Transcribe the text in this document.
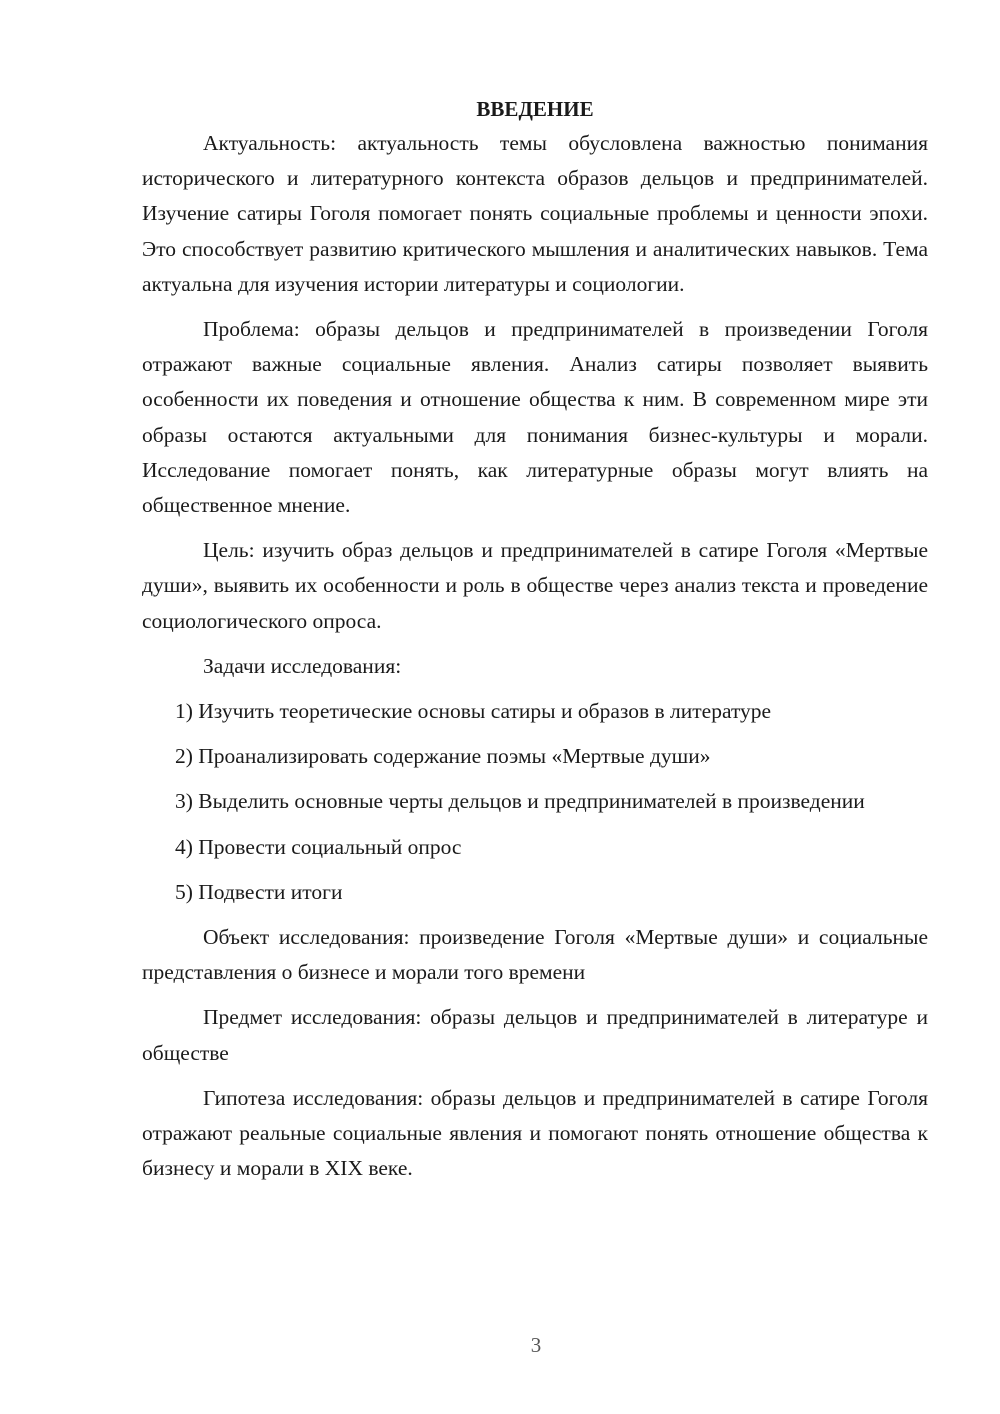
ВВЕДЕНИЕ

Актуальность: актуальность темы обусловлена важностью понимания исторического и литературного контекста образов дельцов и предпринимателей. Изучение сатиры Гоголя помогает понять социальные проблемы и ценности эпохи. Это способствует развитию критического мышления и аналитических навыков. Тема актуальна для изучения истории литературы и социологии.

Проблема: образы дельцов и предпринимателей в произведении Гоголя отражают важные социальные явления. Анализ сатиры позволяет выявить особенности их поведения и отношение общества к ним. В современном мире эти образы остаются актуальными для понимания бизнес-культуры и морали. Исследование помогает понять, как литературные образы могут влиять на общественное мнение.

Цель: изучить образ дельцов и предпринимателей в сатире Гоголя «Мертвые души», выявить их особенности и роль в обществе через анализ текста и проведение социологического опроса.

Задачи исследования:

1) Изучить теоретические основы сатиры и образов в литературе

2) Проанализировать содержание поэмы «Мертвые души»

3) Выделить основные черты дельцов и предпринимателей в произведении

4) Провести социальный опрос

5) Подвести итоги

Объект исследования: произведение Гоголя «Мертвые души» и социальные представления о бизнесе и морали того времени

Предмет исследования: образы дельцов и предпринимателей в литературе и обществе

Гипотеза исследования: образы дельцов и предпринимателей в сатире Гоголя отражают реальные социальные явления и помогают понять отношение общества к бизнесу и морали в XIX веке.

3
